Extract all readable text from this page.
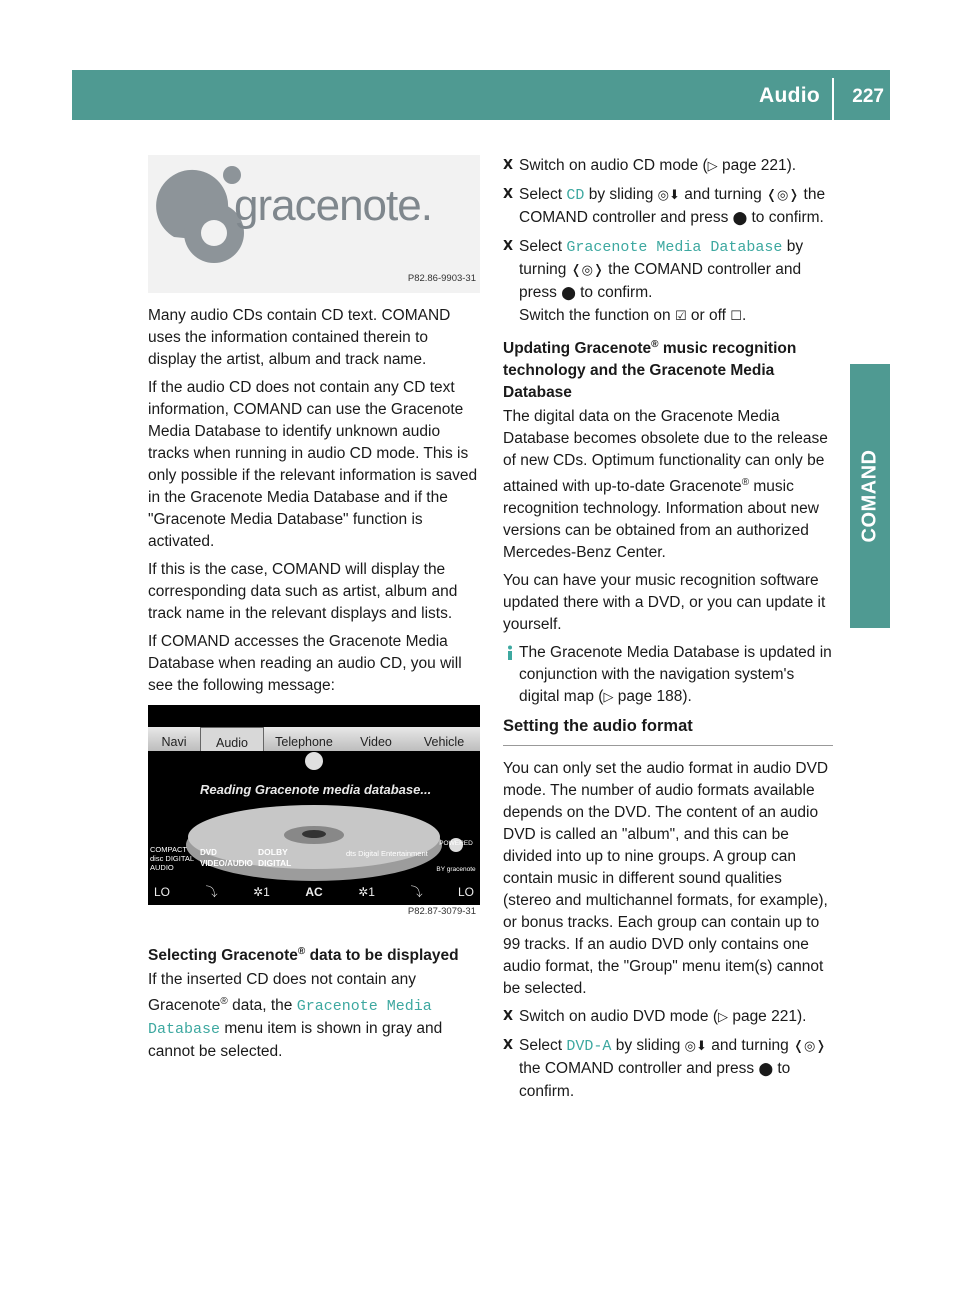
Audio 227
COMAND
gracenote.
P82.86-9903-31

Many audio CDs contain CD text. COMAND uses the information contained therein to display the artist, album and track name.

If the audio CD does not contain any CD text information, COMAND can use the Gracenote Media Database to identify unknown audio tracks when running in audio CD mode. This is only possible if the relevant information is saved in the Gracenote Media Database and if the "Gracenote Media Database" function is activated.

If this is the case, COMAND will display the corresponding data such as artist, album and track name in the relevant displays and lists.

If COMAND accesses the Gracenote Media Database when reading an audio CD, you will see the following message:

Navi	Audio	Telephone	Video	Vehicle
Reading Gracenote media database...
COMPACT disc DIGITAL AUDIO
DVD VIDEO/AUDIO
DOLBY DIGITAL
dts Digital Entertainment
POWERED BY gracenote
LO	⤵	✲1	AC	✲1	⤵	LO
P82.87-3079-31

Selecting Gracenote® data to be displayed

If the inserted CD does not contain any Gracenote® data, the Gracenote Media Database menu item is shown in gray and cannot be selected.

X Switch on audio CD mode (▷ page 221).
X Select CD by sliding ◎⬇ and turning ❬◎❭ the COMAND controller and press ⬤ to confirm.
X Select Gracenote Media Database by turning ❬◎❭ the COMAND controller and press ⬤ to confirm.
Switch the function on ☑ or off ☐.

Updating Gracenote® music recognition technology and the Gracenote Media Database

The digital data on the Gracenote Media Database becomes obsolete due to the release of new CDs. Optimum functionality can only be attained with up-to-date Gracenote® music recognition technology. Information about new versions can be obtained from an authorized Mercedes-Benz Center.

You can have your music recognition software updated there with a DVD, or you can update it yourself.

The Gracenote Media Database is updated in conjunction with the navigation system's digital map (▷ page 188).

Setting the audio format

You can only set the audio format in audio DVD mode. The number of audio formats available depends on the DVD. The content of an audio DVD is called an "album", and this can be divided into up to nine groups. A group can contain music in different sound qualities (stereo and multichannel formats, for example), or bonus tracks. Each group can contain up to 99 tracks. If an audio DVD only contains one audio format, the "Group" menu item(s) cannot be selected.

X Switch on audio DVD mode (▷ page 221).
X Select DVD-A by sliding ◎⬇ and turning ❬◎❭ the COMAND controller and press ⬤ to confirm.
